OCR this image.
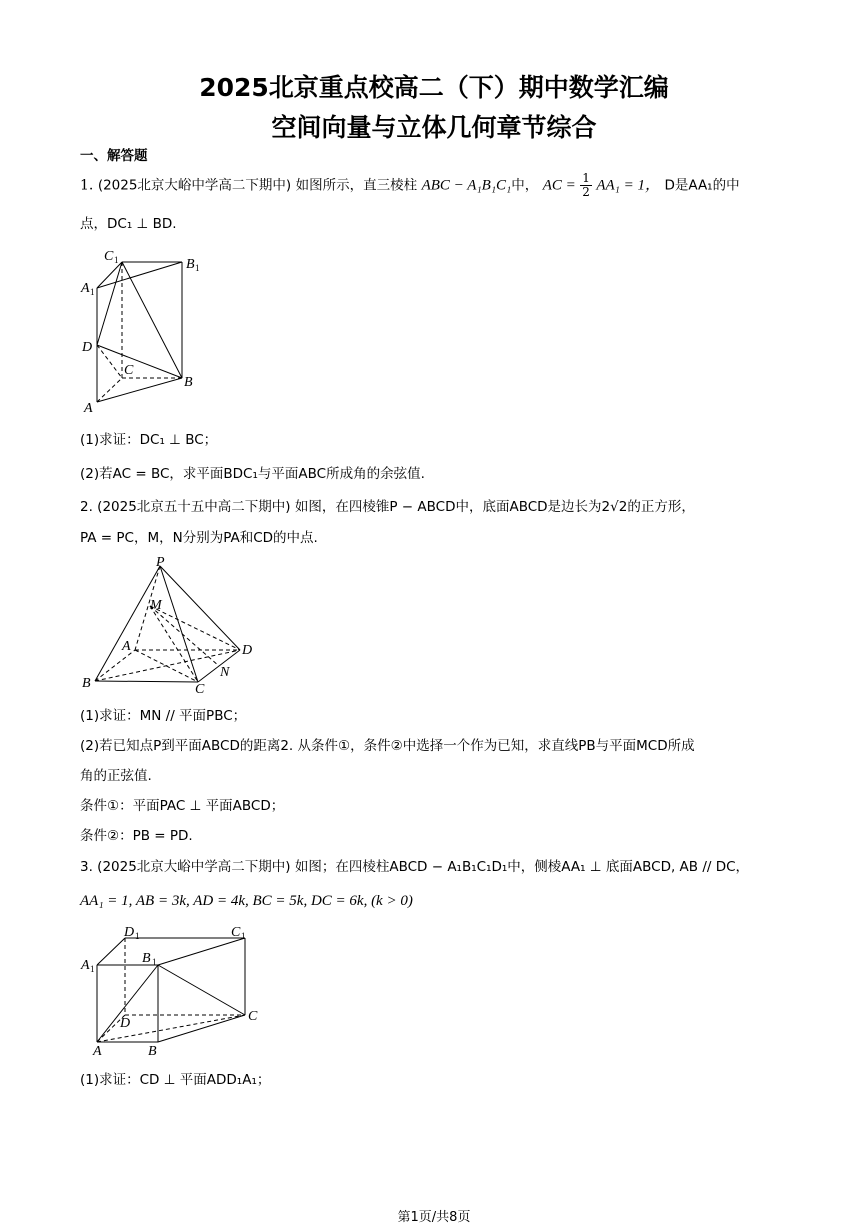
2025北京重点校高二（下）期中数学汇编
空间向量与立体几何章节综合
一、解答题
1. (2025北京大峪中学高二下期中) 如图所示，直三棱柱 ABC − A₁B₁C₁中， AC = $\frac{1}{2} AA_1 = 1$， D是AA₁的中
点，DC₁ ⊥ BD.
C 1	B 1
A 1
D
C
B
A
(1)求证：DC₁ ⊥ BC；
(2)若AC = BC，求平面BDC₁与平面ABC所成角的余弦值.
2. (2025北京五十五中高二下期中) 如图，在四棱锥P − ABCD中，底面ABCD是边长为2√2的正方形，
PA = PC，M，N分别为PA和CD的中点.
P
M
A	D
N
B	C
(1)求证：MN // 平面PBC；
(2)若已知点P到平面ABCD的距离2. 从条件①，条件②中选择一个作为已知，求直线PB与平面MCD所成
角的正弦值.
条件①：平面PAC ⊥ 平面ABCD；
条件②：PB = PD.
3. (2025北京大峪中学高二下期中) 如图；在四棱柱ABCD − A₁B₁C₁D₁中，侧棱AA₁ ⊥ 底面ABCD, AB // DC，
AA₁ = 1, AB = 3k, AD = 4k, BC = 5k, DC = 6k, (k > 0)
D 1	C 1
A 1
B 1
D	C
A	B
(1)求证：CD ⊥ 平面ADD₁A₁；
第1页/共8页
